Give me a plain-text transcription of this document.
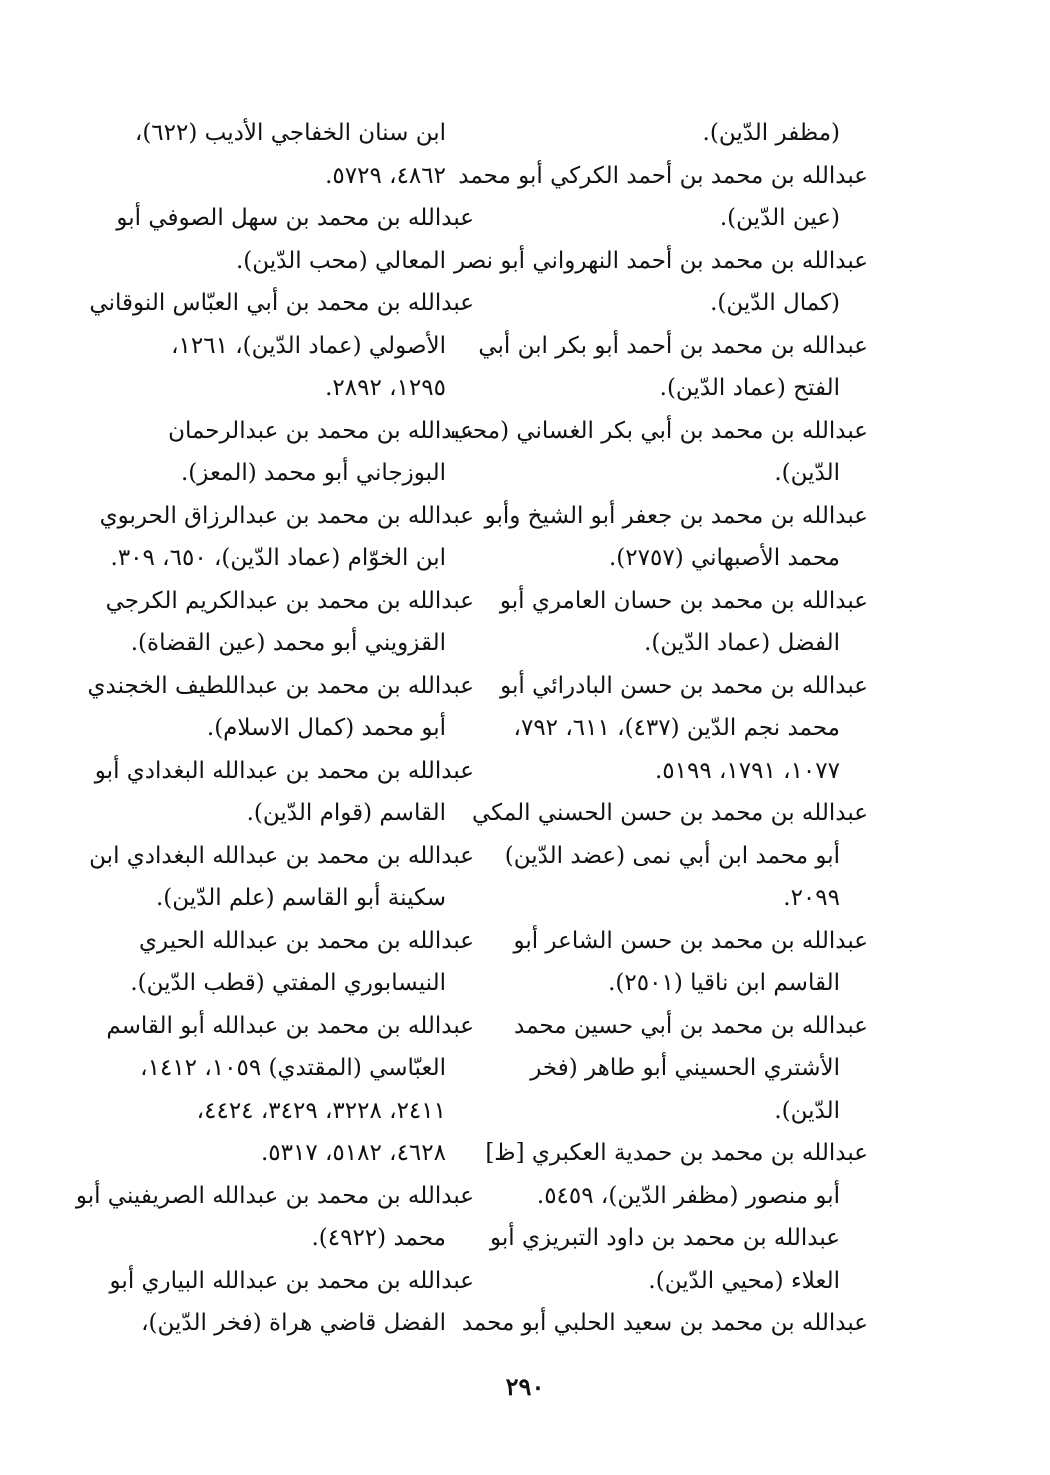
(مظفر الدّين).
عبدالله بن محمد بن أحمد الكركي أبو محمد
(عين الدّين).
عبدالله بن محمد بن أحمد النهرواني أبو نصر
(كمال الدّين).
عبدالله بن محمد بن أحمد أبو بكر ابن أبي
الفتح (عماد الدّين).
عبدالله بن محمد بن أبي بكر الغساني (محب
الدّين).
عبدالله بن محمد بن جعفر أبو الشيخ وأبو
محمد الأصبهاني (٢٧٥٧).
عبدالله بن محمد بن حسان العامري أبو
الفضل (عماد الدّين).
عبدالله بن محمد بن حسن البادرائي أبو
محمد نجم الدّين (٤٣٧)، ٦١١، ٧٩٢،
١٠٧٧، ١٧٩١، ٥١٩٩.
عبدالله بن محمد بن حسن الحسني المكي
أبو محمد ابن أبي نمى (عضد الدّين)
٢٠٩٩.
عبدالله بن محمد بن حسن الشاعر أبو
القاسم ابن ناقيا (٢٥٠١).
عبدالله بن محمد بن أبي حسين محمد
الأشتري الحسيني أبو طاهر (فخر
الدّين).
عبدالله بن محمد بن حمدية العكبري [ظ]
أبو منصور (مظفر الدّين)، ٥٤٥٩.
عبدالله بن محمد بن داود التبريزي أبو
العلاء (محيي الدّين).
عبدالله بن محمد بن سعيد الحلبي أبو محمد
ابن سنان الخفاجي الأديب (٦٢٢)،
٤٨٦٢، ٥٧٢٩.
عبدالله بن محمد بن سهل الصوفي أبو
المعالي (محب الدّين).
عبدالله بن محمد بن أبي العبّاس النوقاني
الأصولي (عماد الدّين)، ١٢٦١،
١٢٩٥، ٢٨٩٢.
عبدالله بن محمد بن عبدالرحمان
البوزجاني أبو محمد (المعز).
عبدالله بن محمد بن عبدالرزاق الحربوي
ابن الخوّام (عماد الدّين)، ٦٥٠، ٣٠٩.
عبدالله بن محمد بن عبدالكريم الكرجي
القزويني أبو محمد (عين القضاة).
عبدالله بن محمد بن عبداللطيف الخجندي
أبو محمد (كمال الاسلام).
عبدالله بن محمد بن عبدالله البغدادي أبو
القاسم (قوام الدّين).
عبدالله بن محمد بن عبدالله البغدادي ابن
سكينة أبو القاسم (علم الدّين).
عبدالله بن محمد بن عبدالله الحيري
النيسابوري المفتي (قطب الدّين).
عبدالله بن محمد بن عبدالله أبو القاسم
العبّاسي (المقتدي) ١٠٥٩، ١٤١٢،
٢٤١١، ٣٢٢٨، ٣٤٢٩، ٤٤٢٤،
٤٦٢٨، ٥١٨٢، ٥٣١٧.
عبدالله بن محمد بن عبدالله الصريفيني أبو
محمد (٤٩٢٢).
عبدالله بن محمد بن عبدالله البياري أبو
الفضل قاضي هراة (فخر الدّين)،
٢٩٠
